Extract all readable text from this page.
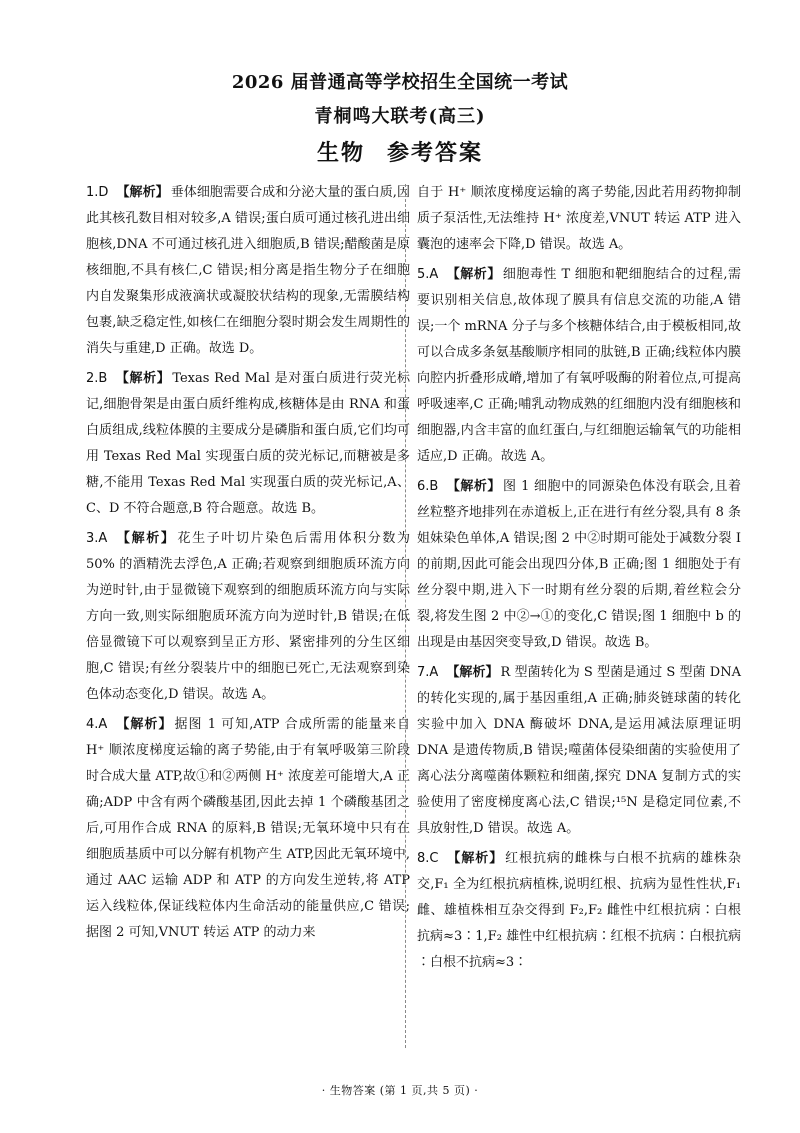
2026 届普通高等学校招生全国统一考试
青桐鸣大联考(高三)
生物 参考答案

1.D 【解析】 垂体细胞需要合成和分泌大量的蛋白质,因此其核孔数目相对较多,A 错误;蛋白质可通过核孔进出细胞核,DNA 不可通过核孔进入细胞质,B 错误;醋酸菌是原核细胞,不具有核仁,C 错误;相分离是指生物分子在细胞内自发聚集形成液滴状或凝胶状结构的现象,无需膜结构包裹,缺乏稳定性,如核仁在细胞分裂时期会发生周期性的消失与重建,D 正确。故选 D。

2.B 【解析】 Texas Red Mal 是对蛋白质进行荧光标记,细胞骨架是由蛋白质纤维构成,核糖体是由 RNA 和蛋白质组成,线粒体膜的主要成分是磷脂和蛋白质,它们均可用 Texas Red Mal 实现蛋白质的荧光标记,而糖被是多糖,不能用 Texas Red Mal 实现蛋白质的荧光标记,A、C、D 不符合题意,B 符合题意。故选 B。

3.A 【解析】 花生子叶切片染色后需用体积分数为 50% 的酒精洗去浮色,A 正确;若观察到细胞质环流方向为逆时针,由于显微镜下观察到的细胞质环流方向与实际方向一致,则实际细胞质环流方向为逆时针,B 错误;在低倍显微镜下可以观察到呈正方形、紧密排列的分生区细胞,C 错误;有丝分裂装片中的细胞已死亡,无法观察到染色体动态变化,D 错误。故选 A。

4.A 【解析】 据图 1 可知,ATP 合成所需的能量来自 H⁺ 顺浓度梯度运输的离子势能,由于有氧呼吸第三阶段时合成大量 ATP,故①和②两侧 H⁺ 浓度差可能增大,A 正确;ADP 中含有两个磷酸基团,因此去掉 1 个磷酸基团之后,可用作合成 RNA 的原料,B 错误;无氧环境中只有在细胞质基质中可以分解有机物产生 ATP,因此无氧环境中,通过 AAC 运输 ADP 和 ATP 的方向发生逆转,将 ATP 运入线粒体,保证线粒体内生命活动的能量供应,C 错误;据图 2 可知,VNUT 转运 ATP 的动力来

自于 H⁺ 顺浓度梯度运输的离子势能,因此若用药物抑制质子泵活性,无法维持 H⁺ 浓度差,VNUT 转运 ATP 进入囊泡的速率会下降,D 错误。故选 A。

5.A 【解析】 细胞毒性 T 细胞和靶细胞结合的过程,需要识别相关信息,故体现了膜具有信息交流的功能,A 错误;一个 mRNA 分子与多个核糖体结合,由于模板相同,故可以合成多条氨基酸顺序相同的肽链,B 正确;线粒体内膜向腔内折叠形成嵴,增加了有氧呼吸酶的附着位点,可提高呼吸速率,C 正确;哺乳动物成熟的红细胞内没有细胞核和细胞器,内含丰富的血红蛋白,与红细胞运输氧气的功能相适应,D 正确。故选 A。

6.B 【解析】 图 1 细胞中的同源染色体没有联会,且着丝粒整齐地排列在赤道板上,正在进行有丝分裂,具有 8 条姐妹染色单体,A 错误;图 2 中②时期可能处于减数分裂 Ⅰ 的前期,因此可能会出现四分体,B 正确;图 1 细胞处于有丝分裂中期,进入下一时期有丝分裂的后期,着丝粒会分裂,将发生图 2 中②→①的变化,C 错误;图 1 细胞中 b 的出现是由基因突变导致,D 错误。故选 B。

7.A 【解析】 R 型菌转化为 S 型菌是通过 S 型菌 DNA 的转化实现的,属于基因重组,A 正确;肺炎链球菌的转化实验中加入 DNA 酶破坏 DNA,是运用减法原理证明 DNA 是遗传物质,B 错误;噬菌体侵染细菌的实验使用了离心法分离噬菌体颗粒和细菌,探究 DNA 复制方式的实验使用了密度梯度离心法,C 错误;¹⁵N 是稳定同位素,不具放射性,D 错误。故选 A。

8.C 【解析】 红根抗病的雌株与白根不抗病的雄株杂交,F₁ 全为红根抗病植株,说明红根、抗病为显性性状,F₁ 雌、雄植株相互杂交得到 F₂,F₂ 雌性中红根抗病∶白根抗病≈3∶1,F₂ 雄性中红根抗病∶红根不抗病∶白根抗病∶白根不抗病≈3∶

· 生物答案 (第 1 页,共 5 页) ·
